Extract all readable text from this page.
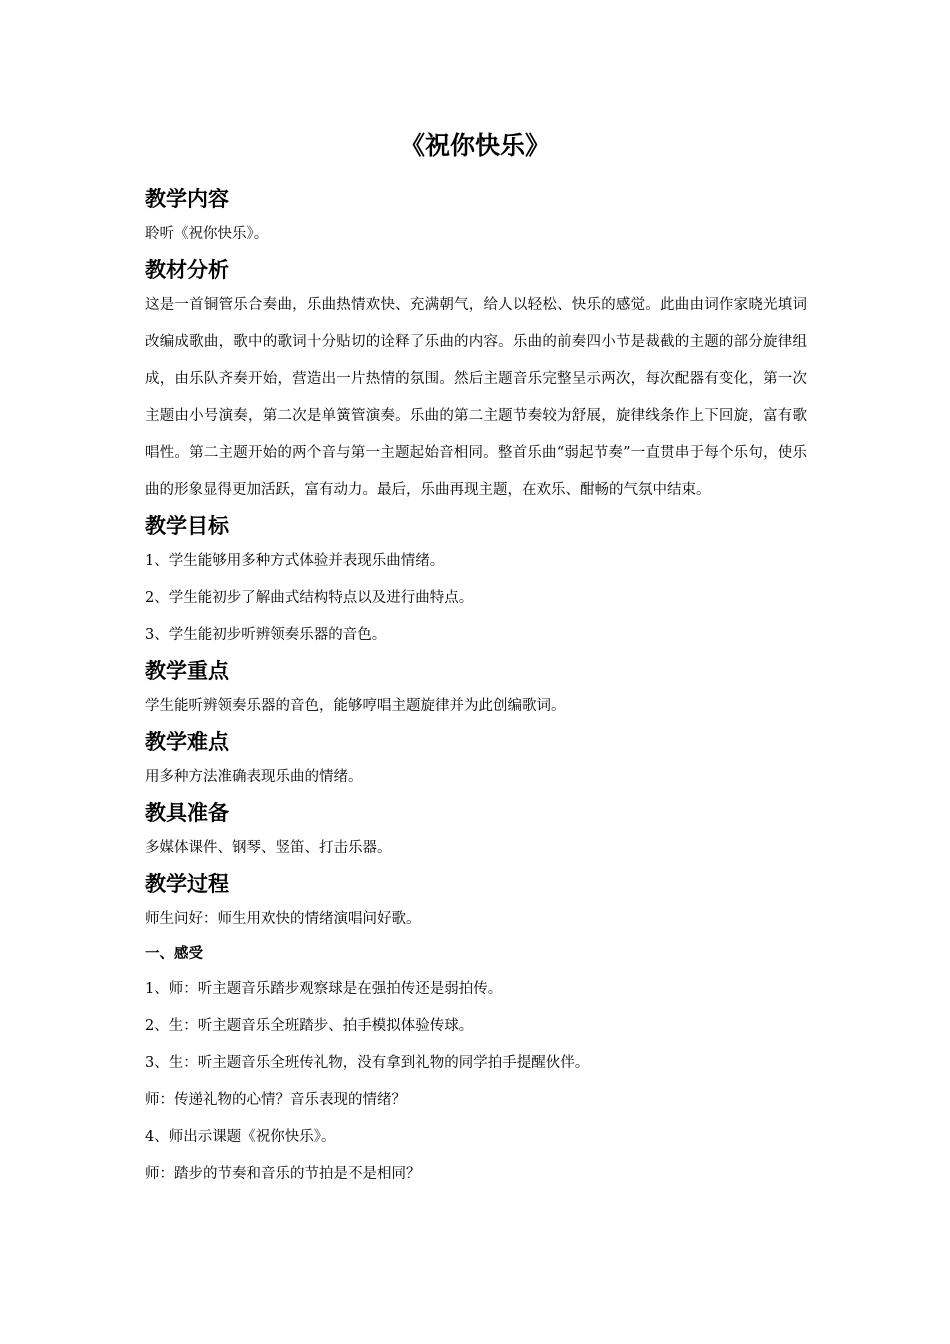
《祝你快乐》
教学内容

聆听《祝你快乐》。

教材分析

这是一首铜管乐合奏曲，乐曲热情欢快、充满朝气，给人以轻松、快乐的感觉。此曲由词作家晓光填词改编成歌曲，歌中的歌词十分贴切的诠释了乐曲的内容。乐曲的前奏四小节是裁截的主题的部分旋律组成，由乐队齐奏开始，营造出一片热情的氛围。然后主题音乐完整呈示两次，每次配器有变化，第一次主题由小号演奏，第二次是单簧管演奏。乐曲的第二主题节奏较为舒展，旋律线条作上下回旋，富有歌唱性。第二主题开始的两个音与第一主题起始音相同。整首乐曲“弱起节奏”一直贯串于每个乐句，使乐曲的形象显得更加活跃，富有动力。最后，乐曲再现主题，在欢乐、酣畅的气氛中结束。

教学目标

1、学生能够用多种方式体验并表现乐曲情绪。

2、学生能初步了解曲式结构特点以及进行曲特点。

3、学生能初步听辨领奏乐器的音色。

教学重点

学生能听辨领奏乐器的音色，能够哼唱主题旋律并为此创编歌词。

教学难点

用多种方法准确表现乐曲的情绪。

教具准备

多媒体课件、钢琴、竖笛、打击乐器。

教学过程

师生问好：师生用欢快的情绪演唱问好歌。

一、感受

1、师：听主题音乐踏步观察球是在强拍传还是弱拍传。

2、生：听主题音乐全班踏步、拍手模拟体验传球。

3、生：听主题音乐全班传礼物，没有拿到礼物的同学拍手提醒伙伴。

师：传递礼物的心情？音乐表现的情绪？

4、师出示课题《祝你快乐》。

师：踏步的节奏和音乐的节拍是不是相同？
